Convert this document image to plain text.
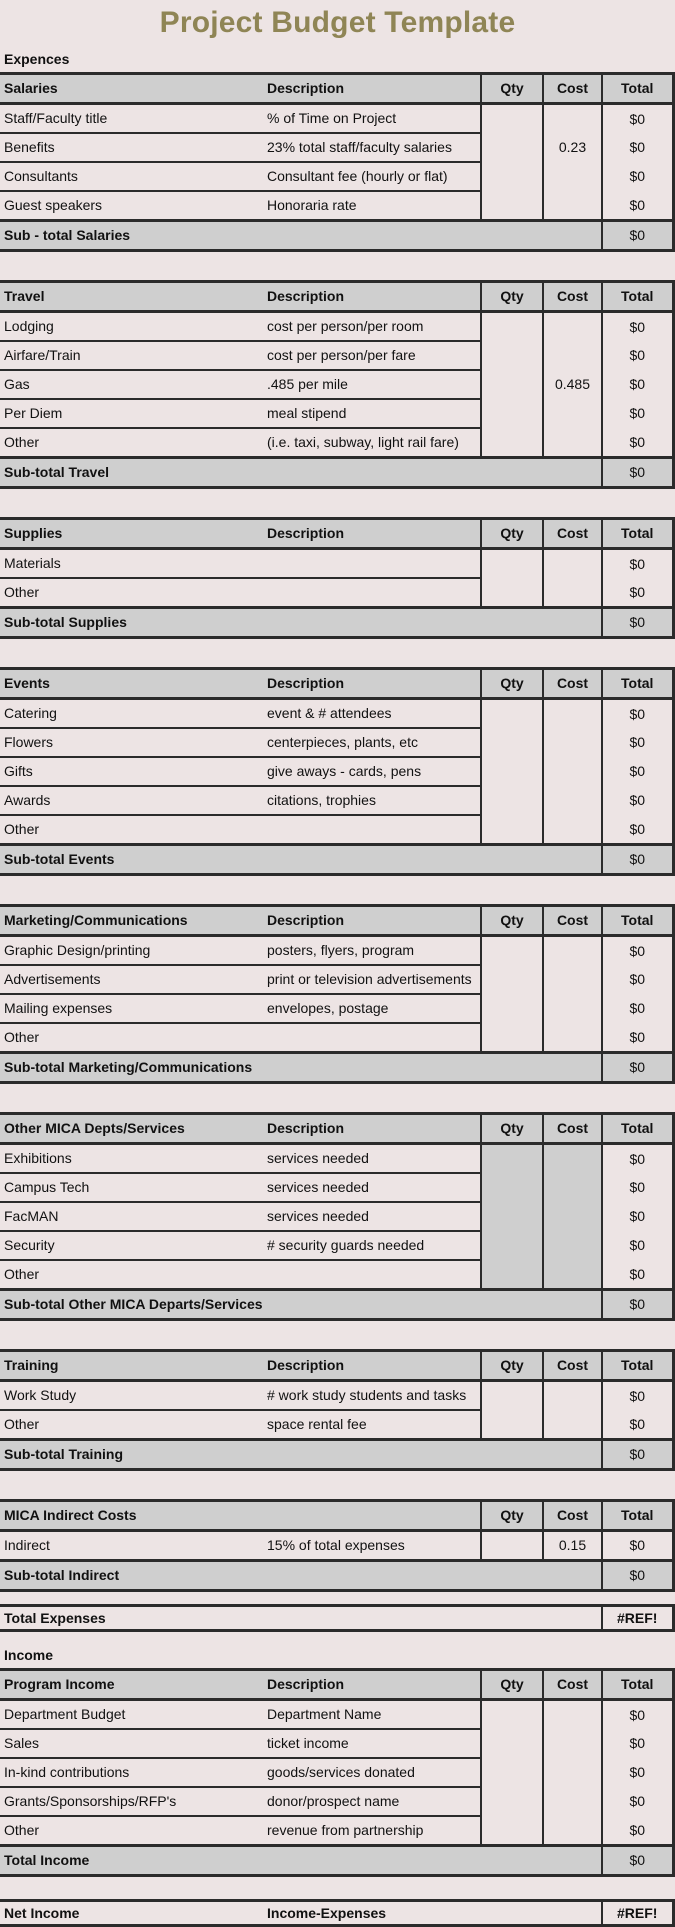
Project Budget Template
Expences
Salaries	Description	Qty	Cost	Total
Staff/Faculty title	% of Time on Project			$0
Benefits	23% total staff/faculty salaries		0.23	$0
Consultants	Consultant fee (hourly or flat)			$0
Guest speakers	Honoraria rate			$0
Sub - total Salaries				$0
Travel	Description	Qty	Cost	Total
Lodging	cost per person/per room			$0
Airfare/Train	cost per person/per fare			$0
Gas	.485 per mile		0.485	$0
Per Diem	meal stipend			$0
Other	(i.e. taxi, subway, light rail fare)			$0
Sub-total Travel				$0
Supplies	Description	Qty	Cost	Total
Materials				$0
Other				$0
Sub-total Supplies				$0
Events	Description	Qty	Cost	Total
Catering	event & # attendees			$0
Flowers	centerpieces, plants, etc			$0
Gifts	give aways - cards, pens			$0
Awards	citations, trophies			$0
Other				$0
Sub-total Events				$0
Marketing/Communications	Description	Qty	Cost	Total
Graphic Design/printing	posters, flyers, program			$0
Advertisements	print or television advertisements			$0
Mailing expenses	envelopes, postage			$0
Other				$0
Sub-total Marketing/Communications				$0
Other MICA Depts/Services	Description	Qty	Cost	Total
Exhibitions	services needed			$0
Campus Tech	services needed			$0
FacMAN	services needed			$0
Security	# security guards needed			$0
Other				$0
Sub-total Other MICA Departs/Services				$0
Training	Description	Qty	Cost	Total
Work Study	# work study students and tasks			$0
Other	space rental fee			$0
Sub-total Training				$0
MICA Indirect Costs		Qty	Cost	Total
Indirect	15% of total expenses		0.15	$0
Sub-total Indirect				$0
Total Expenses	#REF!
Income
Program Income	Description	Qty	Cost	Total
Department Budget	Department Name			$0
Sales	ticket income			$0
In-kind contributions	goods/services donated			$0
Grants/Sponsorships/RFP's	donor/prospect name			$0
Other	revenue from partnership			$0
Total Income				$0
Net Income	Income-Expenses	#REF!
